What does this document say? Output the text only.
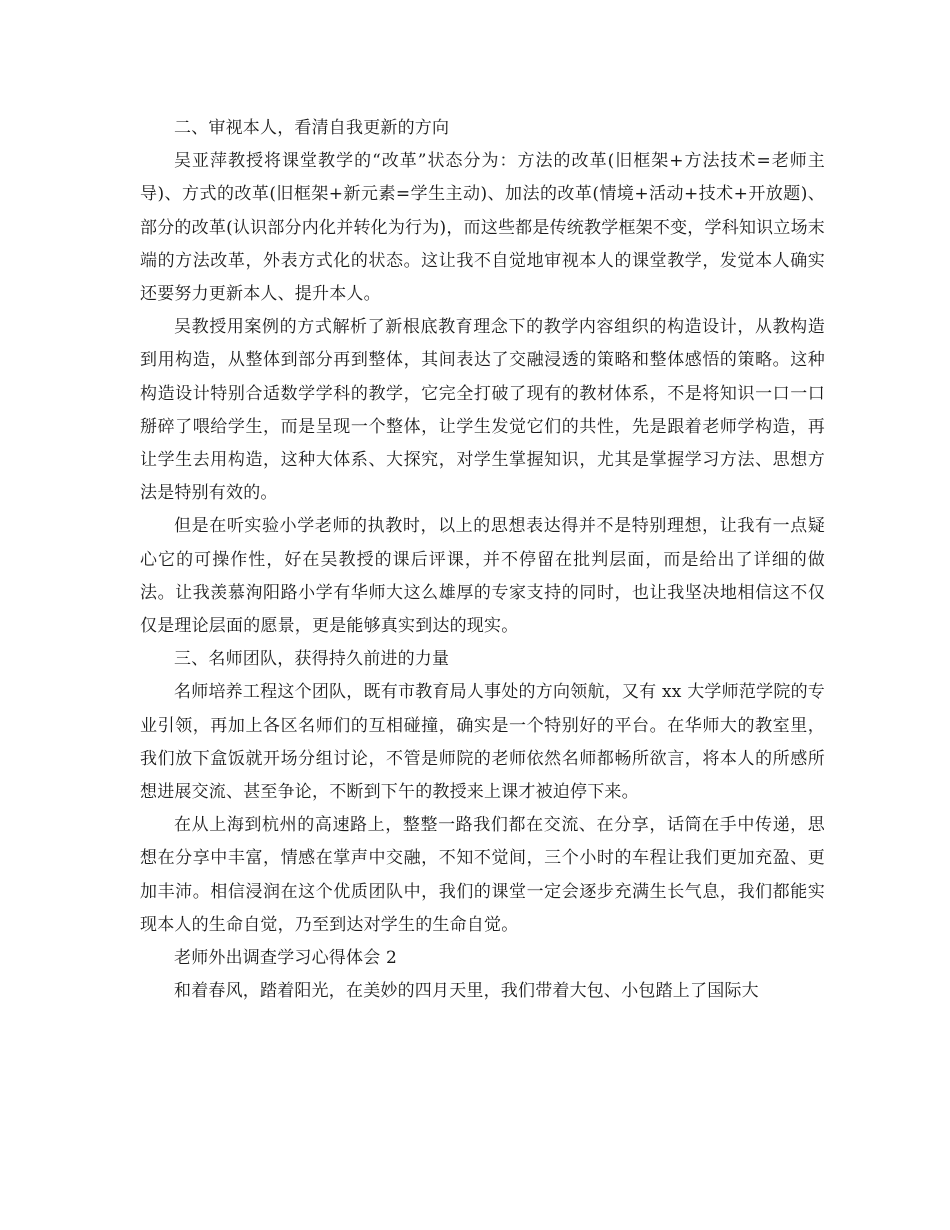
二、审视本人，看清自我更新的方向

吴亚萍教授将课堂教学的“改革”状态分为：方法的改革(旧框架+方法技术=老师主导)、方式的改革(旧框架+新元素=学生主动)、加法的改革(情境+活动+技术+开放题)、部分的改革(认识部分内化并转化为行为)，而这些都是传统教学框架不变，学科知识立场末端的方法改革，外表方式化的状态。这让我不自觉地审视本人的课堂教学，发觉本人确实还要努力更新本人、提升本人。

吴教授用案例的方式解析了新根底教育理念下的教学内容组织的构造设计，从教构造到用构造，从整体到部分再到整体，其间表达了交融浸透的策略和整体感悟的策略。这种构造设计特别合适数学学科的教学，它完全打破了现有的教材体系，不是将知识一口一口掰碎了喂给学生，而是呈现一个整体，让学生发觉它们的共性，先是跟着老师学构造，再让学生去用构造，这种大体系、大探究，对学生掌握知识，尤其是掌握学习方法、思想方法是特别有效的。

但是在听实验小学老师的执教时，以上的思想表达得并不是特别理想，让我有一点疑心它的可操作性，好在吴教授的课后评课，并不停留在批判层面，而是给出了详细的做法。让我羡慕洵阳路小学有华师大这么雄厚的专家支持的同时，也让我坚决地相信这不仅仅是理论层面的愿景，更是能够真实到达的现实。

三、名师团队，获得持久前进的力量

名师培养工程这个团队，既有市教育局人事处的方向领航，又有 xx 大学师范学院的专业引领，再加上各区名师们的互相碰撞，确实是一个特别好的平台。在华师大的教室里，我们放下盒饭就开场分组讨论，不管是师院的老师依然名师都畅所欲言，将本人的所感所想进展交流、甚至争论，不断到下午的教授来上课才被迫停下来。

在从上海到杭州的高速路上，整整一路我们都在交流、在分享，话筒在手中传递，思想在分享中丰富，情感在掌声中交融，不知不觉间，三个小时的车程让我们更加充盈、更加丰沛。相信浸润在这个优质团队中，我们的课堂一定会逐步充满生长气息，我们都能实现本人的生命自觉，乃至到达对学生的生命自觉。

老师外出调查学习心得体会 2

和着春风，踏着阳光，在美妙的四月天里，我们带着大包、小包踏上了国际大
